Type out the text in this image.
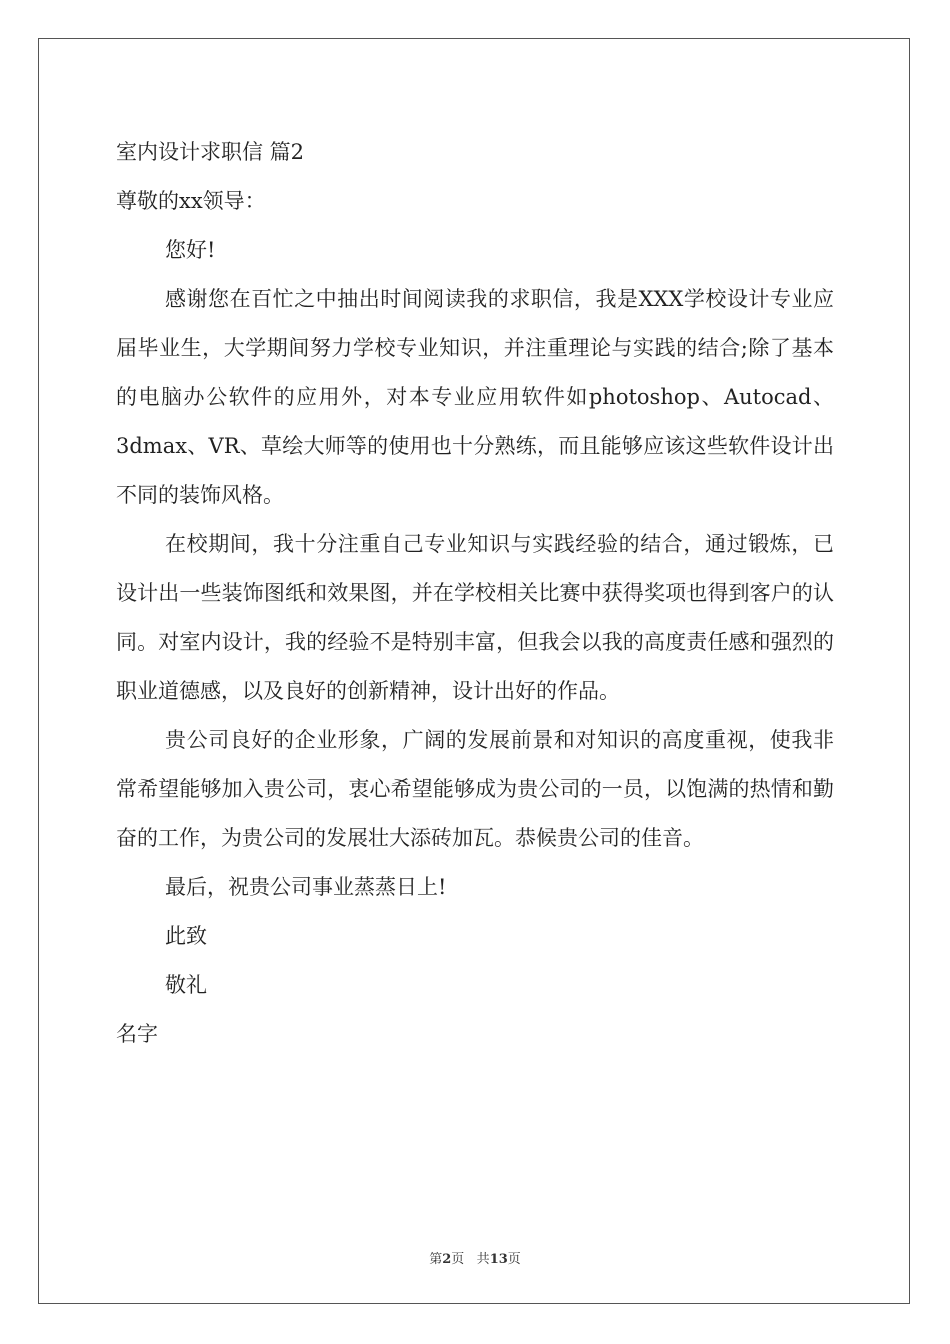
室内设计求职信 篇2

尊敬的xx领导：

您好!

感谢您在百忙之中抽出时间阅读我的求职信，我是XXX学校设计专业应届毕业生，大学期间努力学校专业知识，并注重理论与实践的结合;除了基本的电脑办公软件的应用外，对本专业应用软件如photoshop、Autocad、3dmax、VR、草绘大师等的使用也十分熟练，而且能够应该这些软件设计出不同的装饰风格。

在校期间，我十分注重自己专业知识与实践经验的结合，通过锻炼，已设计出一些装饰图纸和效果图，并在学校相关比赛中获得奖项也得到客户的认同。对室内设计，我的经验不是特别丰富，但我会以我的高度责任感和强烈的职业道德感，以及良好的创新精神，设计出好的作品。

贵公司良好的企业形象，广阔的发展前景和对知识的高度重视，使我非常希望能够加入贵公司，衷心希望能够成为贵公司的一员，以饱满的热情和勤奋的工作，为贵公司的发展壮大添砖加瓦。恭候贵公司的佳音。

最后，祝贵公司事业蒸蒸日上!

此致

敬礼

名字

第2页 共13页
